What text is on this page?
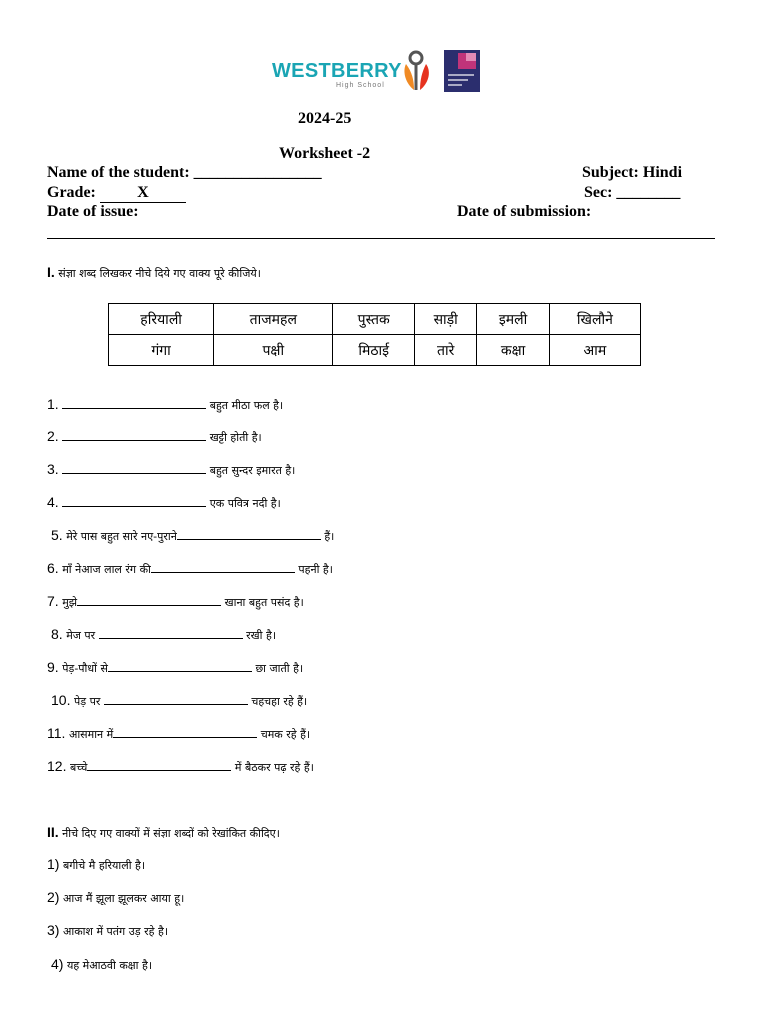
WESTBERRY
High School
2024-25
Worksheet -2
Name of the student: ________________	Subject: Hindi
Grade: X	Sec: ________
Date of issue:	Date of submission:
I. संज्ञा शब्द लिखकर नीचे दिये गए वाक्य पूरे कीजिये।
हरियाली	ताजमहल	पुस्तक	साड़ी	इमली	खिलौने
गंगा	पक्षी	मिठाई	तारे	कक्षा	आम
1.	बहुत मीठा फल है।
2.	खट्टी होती है।
3.	बहुत सुन्दर इमारत है।
4.	एक पवित्र नदी है।
5. मेरे पास बहुत सारे नए-पुराने	हैं।
6. माँ नेआज लाल रंग की	पहनी है।
7. मुझे	खाना बहुत पसंद है।
8. मेज पर	रखी है।
9. पेड़-पौधों से	छा जाती है।
10. पेड़ पर	चहचहा रहे हैं।
11. आसमान में	चमक रहे हैं।
12. बच्चे	में बैठकर पढ़ रहे हैं।
II. नीचे दिए गए वाक्यों में संज्ञा शब्दों को रेखांकित कीदिए।
1) बगीचे मै हरियाली है।
2) आज मैं झूला झूलकर आया हू।
3) आकाश में पतंग उड़ रहे है।
4) यह मेआठवी कक्षा है।
